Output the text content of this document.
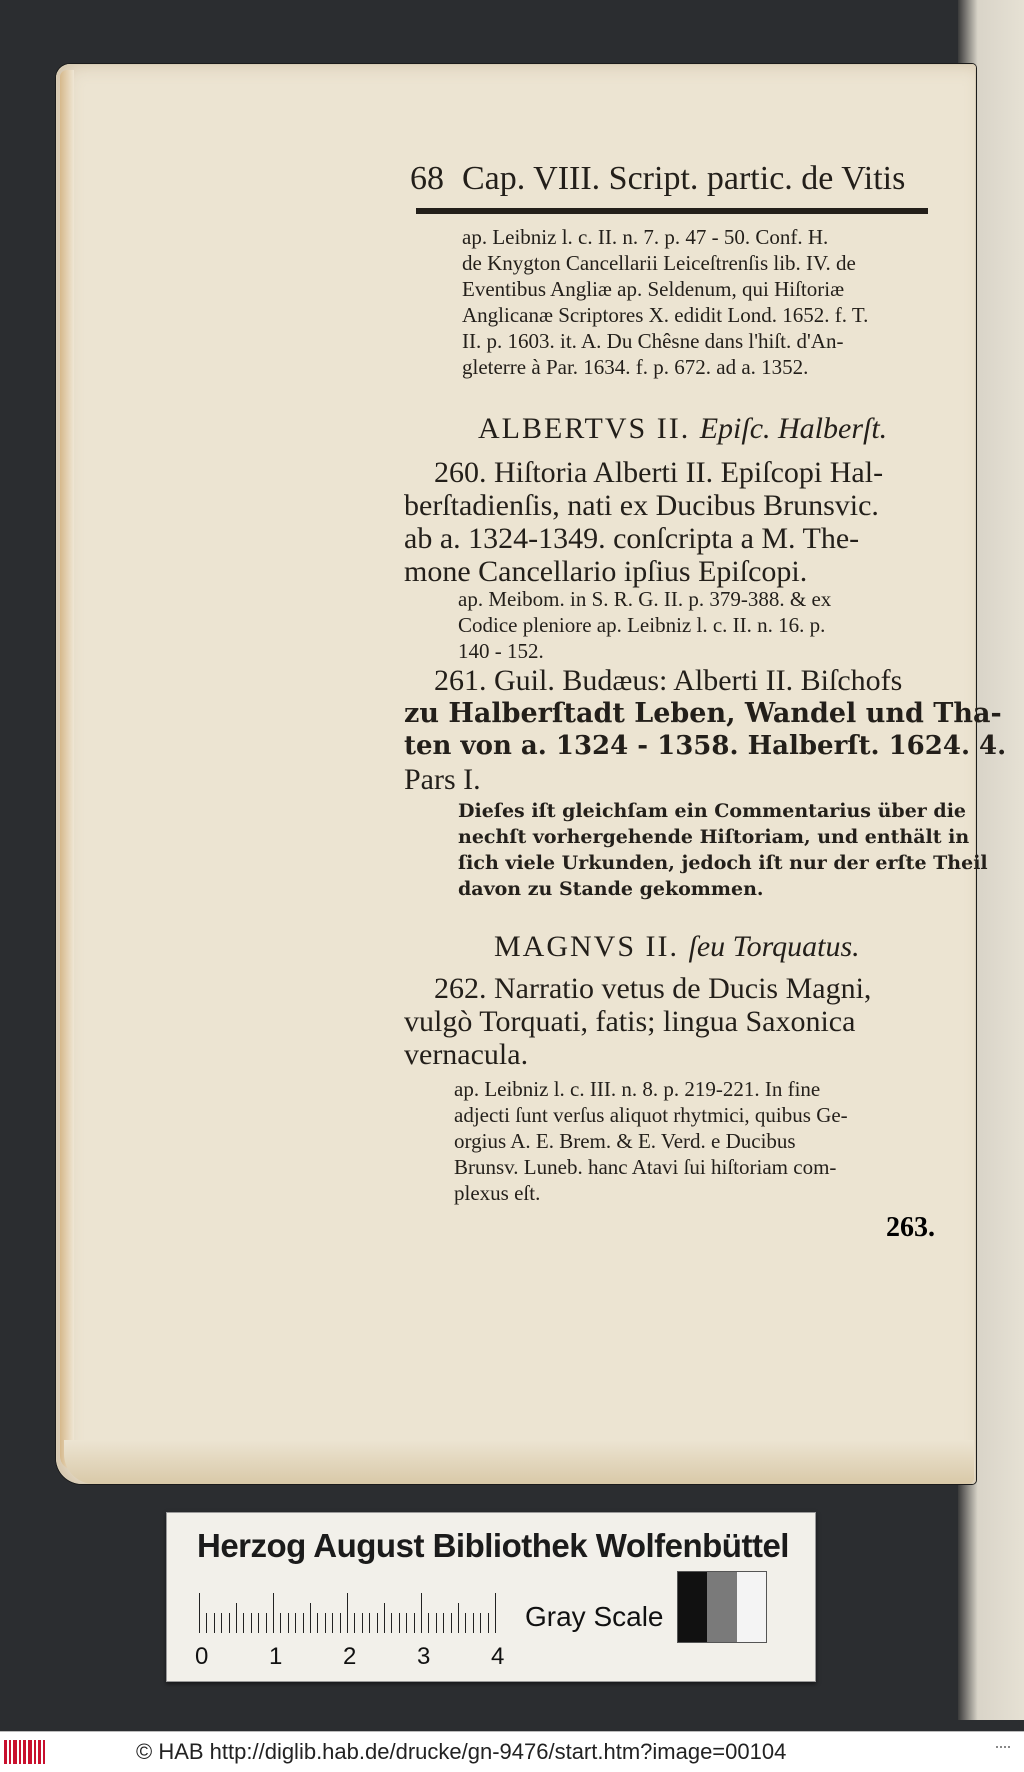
68 Cap. VIII. Script. partic. de Vitis
ap. Leibniz l. c. II. n. 7. p. 47 - 50. Conf. H.
de Knygton Cancellarii Leiceſtrenſis lib. IV. de
Eventibus Angliæ ap. Seldenum, qui Hiſtoriæ
Anglicanæ Scriptores X. edidit Lond. 1652. f. T.
II. p. 1603. it. A. Du Chêsne dans l'hiſt. d'An-
gleterre à Par. 1634. f. p. 672. ad a. 1352.
ALBERTVS II. Epiſc. Halberſt.
260. Hiſtoria Alberti II. Epiſcopi Hal-
berſtadienſis, nati ex Ducibus Brunsvic.
ab a. 1324-1349. conſcripta a M. The-
mone Cancellario ipſius Epiſcopi.
ap. Meibom. in S. R. G. II. p. 379-388. & ex
Codice pleniore ap. Leibniz l. c. II. n. 16. p.
140 - 152.
261. Guil. Budæus: Alberti II. Biſchofs
zu Halberſtadt Leben, Wandel und Tha-
ten von a. 1324 - 1358. Halberſt. 1624. 4.
Pars I.
Dieſes iſt gleichſam ein Commentarius über die
nechſt vorhergehende Hiſtoriam, und enthält in
ſich viele Urkunden, jedoch iſt nur der erſte Theil
davon zu Stande gekommen.
MAGNVS II. ſeu Torquatus.
262. Narratio vetus de Ducis Magni,
vulgò Torquati, fatis; lingua Saxonica
vernacula.
ap. Leibniz l. c. III. n. 8. p. 219-221. In fine
adjecti ſunt verſus aliquot rhytmici, quibus Ge-
orgius A. E. Brem. & E. Verd. e Ducibus
Brunsv. Luneb. hanc Atavi ſui hiſtoriam com-
plexus eſt.
263.
Herzog August Bibliothek Wolfenbüttel
0	1	2	3	4
Gray Scale
© HAB http://diglib.hab.de/drucke/gn-9476/start.htm?image=00104
